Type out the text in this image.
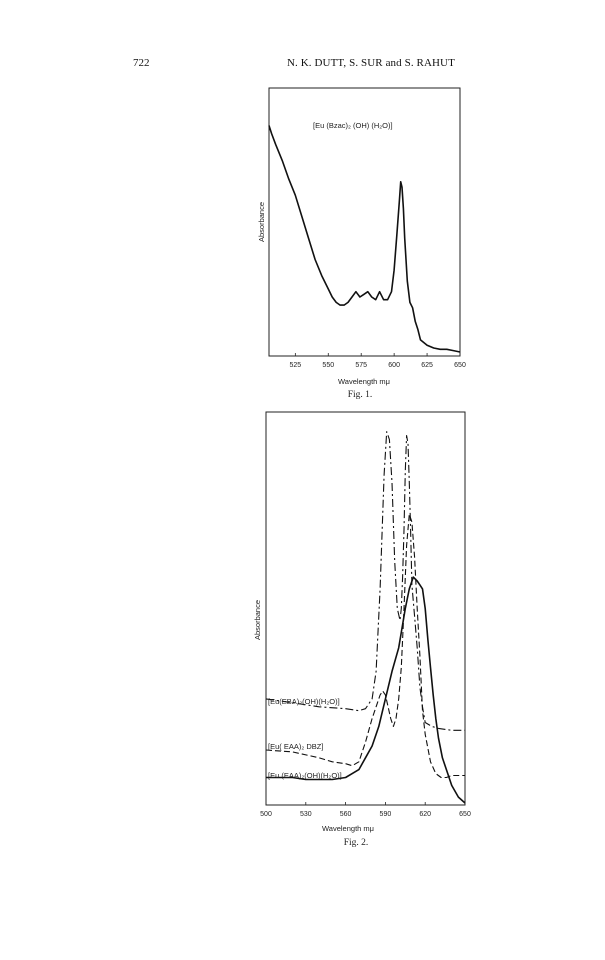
722	N. K. DUTT, S. SUR and S. RAHUT
525	550	575	600	625	650
[Eu (Bzac)₂ (OH) (H₂O)]
Wavelength mμ
Absorbance
Fig. 1.
500	530	560	590	620	650
[Eu(EBA)₂(OH)(H₂O)]
[Eu( EAA)₂ DBZ]
[Eu (EAA)₂(OH)(H₂O)]
Wavelength mμ
Absorbance
Fig. 2.
